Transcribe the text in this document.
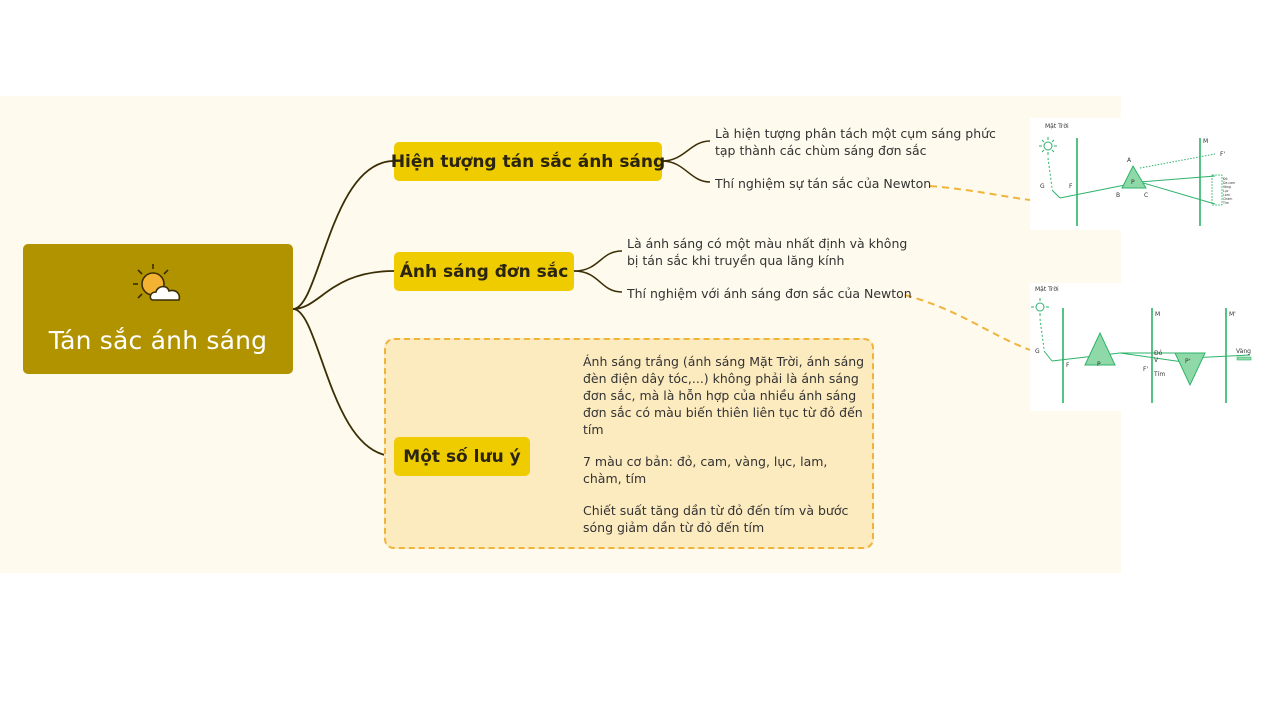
Tán sắc ánh sáng
Hiện tượng tán sắc ánh sáng
Là hiện tượng phân tách một cụm sáng phức
tạp thành các chùm sáng đơn sắc
Thí nghiệm sự tán sắc của Newton
Ánh sáng đơn sắc
Là ánh sáng có một màu nhất định và không
bị tán sắc khi truyền qua lăng kính
Thí nghiệm với ánh sáng đơn sắc của Newton
Một số lưu ý
Ánh sáng trắng (ánh sáng Mặt Trời, ánh sáng
đèn điện dây tóc,...) không phải là ánh sáng
đơn sắc, mà là hỗn hợp của nhiều ánh sáng
đơn sắc có màu biến thiên liên tục từ đỏ đến
tím
7 màu cơ bản: đỏ, cam, vàng, lục, lam,
chàm, tím
Chiết suất tăng dần từ đỏ đến tím và bước
sóng giảm dần từ đỏ đến tím
Mặt Trời
M
F'
A
P
G	F
B	C
Đỏ
Da cam
Vàng
Lục
Lam
Chàm
Tím
Mặt Trời
M	M'
G
F	P
F'
P'
Đỏ
V
Tím
Vàng
